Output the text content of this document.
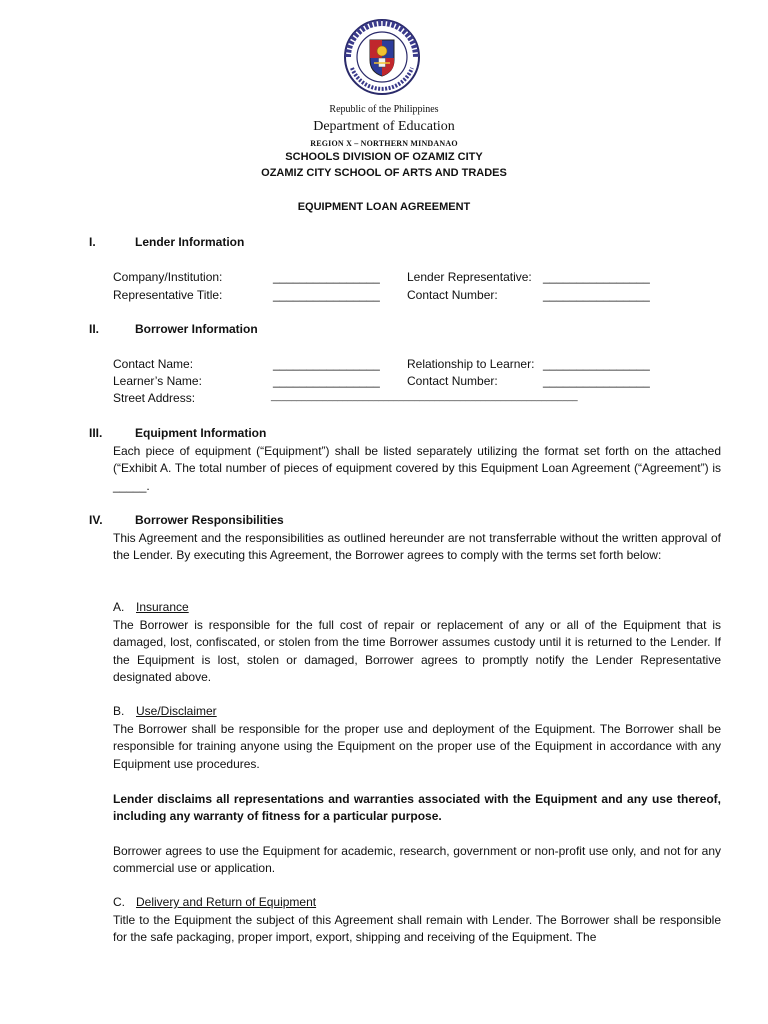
Republic of the Philippines
Department of Education
REGION X – NORTHERN MINDANAO
SCHOOLS DIVISION OF OZAMIZ CITY
OZAMIZ CITY SCHOOL OF ARTS AND TRADES
EQUIPMENT LOAN AGREEMENT
I.	Lender Information
Company/Institution:	________________ Lender Representative: ________________
Representative Title:	________________ Contact Number:	________________
II.	Borrower Information
Contact Name:	________________ Relationship to Learner: ________________
Learner’s Name:	________________ Contact Number:	________________
Street Address:	____________________________________________________________
III.	Equipment Information
Each piece of equipment (“Equipment”) shall be listed separately utilizing the format set forth on the attached (“Exhibit A. The total number of pieces of equipment covered by this Equipment Loan Agreement (“Agreement”) is _____.
IV.	Borrower Responsibilities
This Agreement and the responsibilities as outlined hereunder are not transferrable without the written approval of the Lender. By executing this Agreement, the Borrower agrees to comply with the terms set forth below:
A. Insurance
The Borrower is responsible for the full cost of repair or replacement of any or all of the Equipment that is damaged, lost, confiscated, or stolen from the time Borrower assumes custody until it is returned to the Lender. If the Equipment is lost, stolen or damaged, Borrower agrees to promptly notify the Lender Representative designated above.
B. Use/Disclaimer
The Borrower shall be responsible for the proper use and deployment of the Equipment. The Borrower shall be responsible for training anyone using the Equipment on the proper use of the Equipment in accordance with any Equipment use procedures.
Lender disclaims all representations and warranties associated with the Equipment and any use thereof, including any warranty of fitness for a particular purpose.
Borrower agrees to use the Equipment for academic, research, government or non-profit use only, and not for any commercial use or application.
C. Delivery and Return of Equipment
Title to the Equipment the subject of this Agreement shall remain with Lender. The Borrower shall be responsible for the safe packaging, proper import, export, shipping and receiving of the Equipment. The
